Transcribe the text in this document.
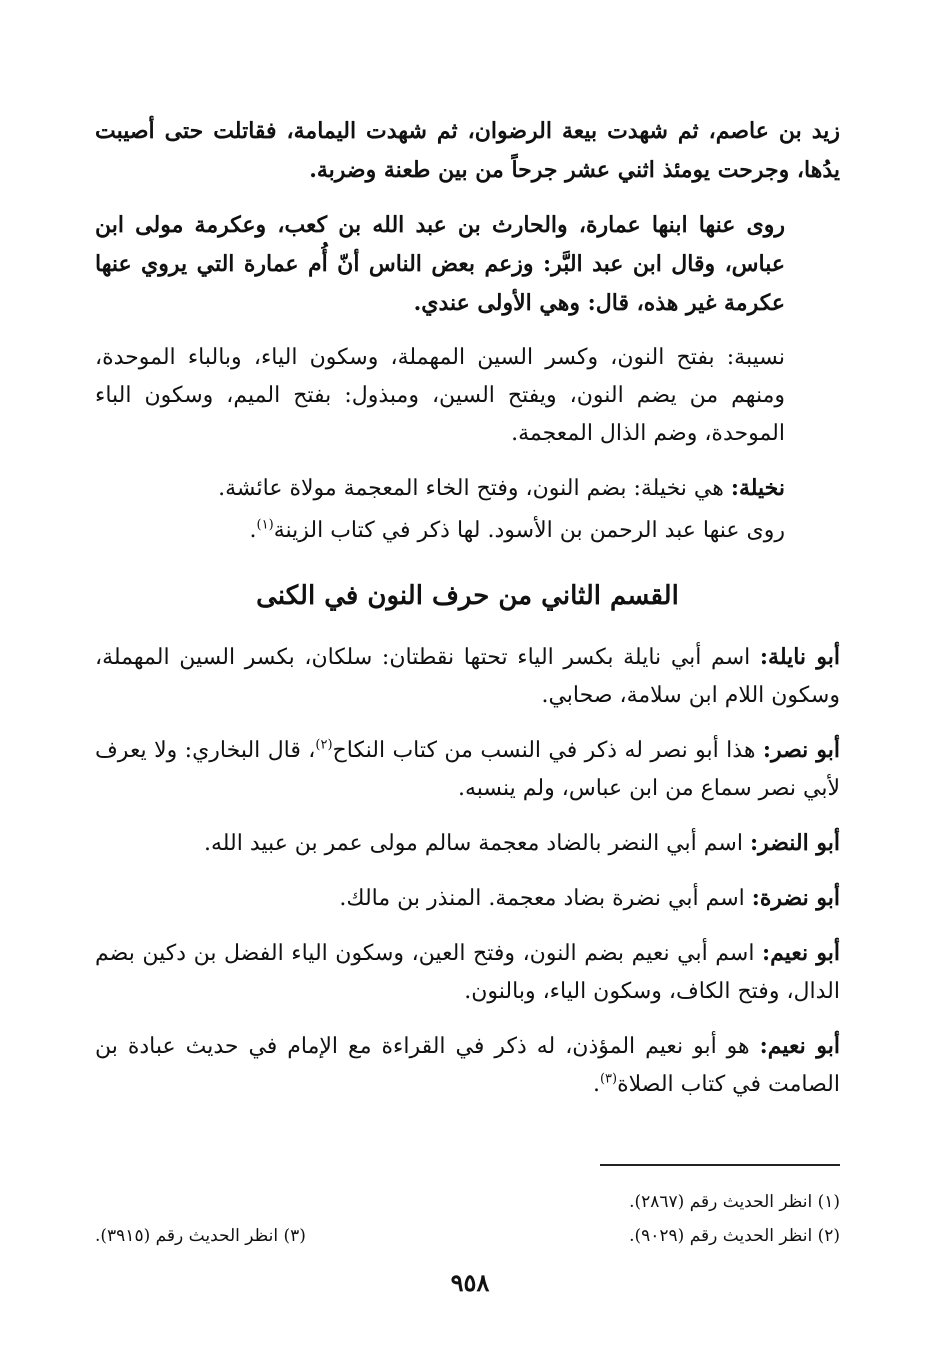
زيد بن عاصم، ثم شهدت بيعة الرضوان، ثم شهدت اليمامة، فقاتلت حتى أصيبت يدُها، وجرحت يومئذ اثني عشر جرحاً من بين طعنة وضربة.

روى عنها ابنها عمارة، والحارث بن عبد الله بن كعب، وعكرمة مولى ابن عباس، وقال ابن عبد البَّر: وزعم بعض الناس أنّ أُم عمارة التي يروي عنها عكرمة غير هذه، قال: وهي الأولى عندي.

نسيبة: بفتح النون، وكسر السين المهملة، وسكون الياء، وبالباء الموحدة، ومنهم من يضم النون، ويفتح السين، ومبذول: بفتح الميم، وسكون الباء الموحدة، وضم الذال المعجمة.

نخيلة: هي نخيلة: بضم النون، وفتح الخاء المعجمة مولاة عائشة.

روى عنها عبد الرحمن بن الأسود. لها ذكر في كتاب الزينة$^{(١)}$.

القسم الثاني من حرف النون في الكنى

أبو نايلة: اسم أبي نايلة بكسر الياء تحتها نقطتان: سلكان، بكسر السين المهملة، وسكون اللام ابن سلامة، صحابي.

أبو نصر: هذا أبو نصر له ذكر في النسب من كتاب النكاح$^{(٢)}$، قال البخاري: ولا يعرف لأبي نصر سماع من ابن عباس، ولم ينسبه.

أبو النضر: اسم أبي النضر بالضاد معجمة سالم مولى عمر بن عبيد الله.

أبو نضرة: اسم أبي نضرة بضاد معجمة. المنذر بن مالك.

أبو نعيم: اسم أبي نعيم بضم النون، وفتح العين، وسكون الياء الفضل بن دكين بضم الدال، وفتح الكاف، وسكون الياء، وبالنون.

أبو نعيم: هو أبو نعيم المؤذن، له ذكر في القراءة مع الإمام في حديث عبادة بن الصامت في كتاب الصلاة$^{(٣)}$.

(١) انظر الحديث رقم (٢٨٦٧).
(٢) انظر الحديث رقم (٩٠٢٩).
(٣) انظر الحديث رقم (٣٩١٥).
٩٥٨
